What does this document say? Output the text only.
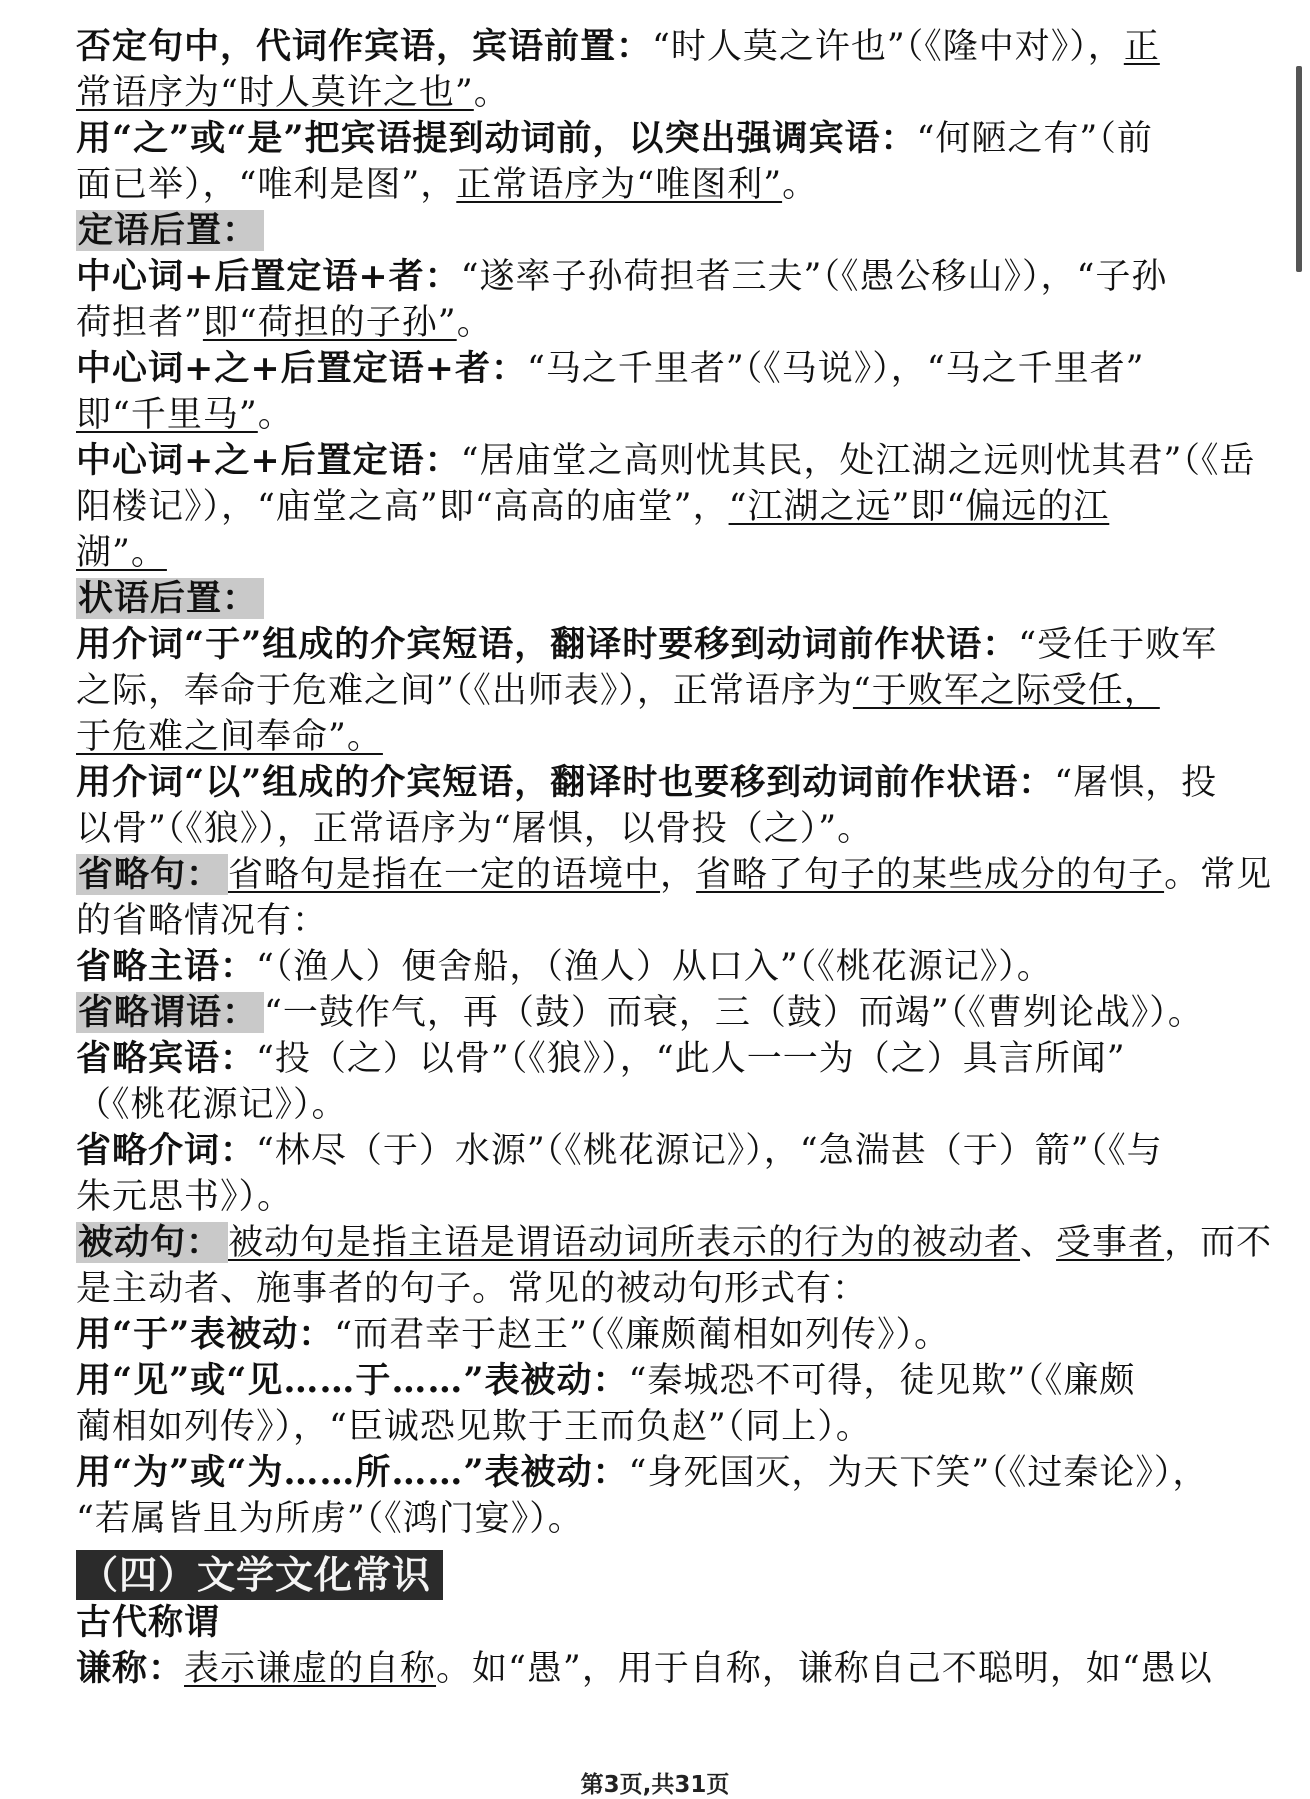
否定句中，代词作宾语，宾语前置：“时人莫之许也”（《隆中对》），正
常语序为“时人莫许之也”。
用“之”或“是”把宾语提到动词前，以突出强调宾语：“何陋之有”（前
面已举），“唯利是图”，正常语序为“唯图利”。
定语后置：
中心词+后置定语+者：“遂率子孙荷担者三夫”（《愚公移山》），“子孙
荷担者”即“荷担的子孙”。
中心词+之+后置定语+者：“马之千里者”（《马说》），“马之千里者”
即“千里马”。
中心词+之+后置定语：“居庙堂之高则忧其民，处江湖之远则忧其君”（《岳
阳楼记》），“庙堂之高”即“高高的庙堂”，“江湖之远”即“偏远的江
湖”。
状语后置：
用介词“于”组成的介宾短语，翻译时要移到动词前作状语：“受任于败军
之际，奉命于危难之间”（《出师表》），正常语序为“于败军之际受任，
于危难之间奉命”。
用介词“以”组成的介宾短语，翻译时也要移到动词前作状语：“屠惧，投
以骨”（《狼》），正常语序为“屠惧，以骨投（之）”。
省略句： 省略句是指在一定的语境中，省略了句子的某些成分的句子。常见
的省略情况有：
省略主语：“（渔人）便舍船，（渔人）从口入”（《桃花源记》）。
省略谓语： “一鼓作气，再（鼓）而衰，三（鼓）而竭”（《曹刿论战》）。
省略宾语：“投（之）以骨”（《狼》），“此人一一为（之）具言所闻”
（《桃花源记》）。
省略介词：“林尽（于）水源”（《桃花源记》），“急湍甚（于）箭”（《与
朱元思书》）。
被动句： 被动句是指主语是谓语动词所表示的行为的被动者、受事者，而不
是主动者、施事者的句子。常见的被动句形式有：
用“于”表被动：“而君幸于赵王”（《廉颇蔺相如列传》）。
用“见”或“见……于……”表被动：“秦城恐不可得，徒见欺”（《廉颇
蔺相如列传》），“臣诚恐见欺于王而负赵”（同上）。
用“为”或“为……所……”表被动：“身死国灭，为天下笑”（《过秦论》），
“若属皆且为所虏”（《鸿门宴》）。
（四）文学文化常识
古代称谓
谦称：表示谦虚的自称。如“愚”，用于自称，谦称自己不聪明，如“愚以
第3页,共31页
